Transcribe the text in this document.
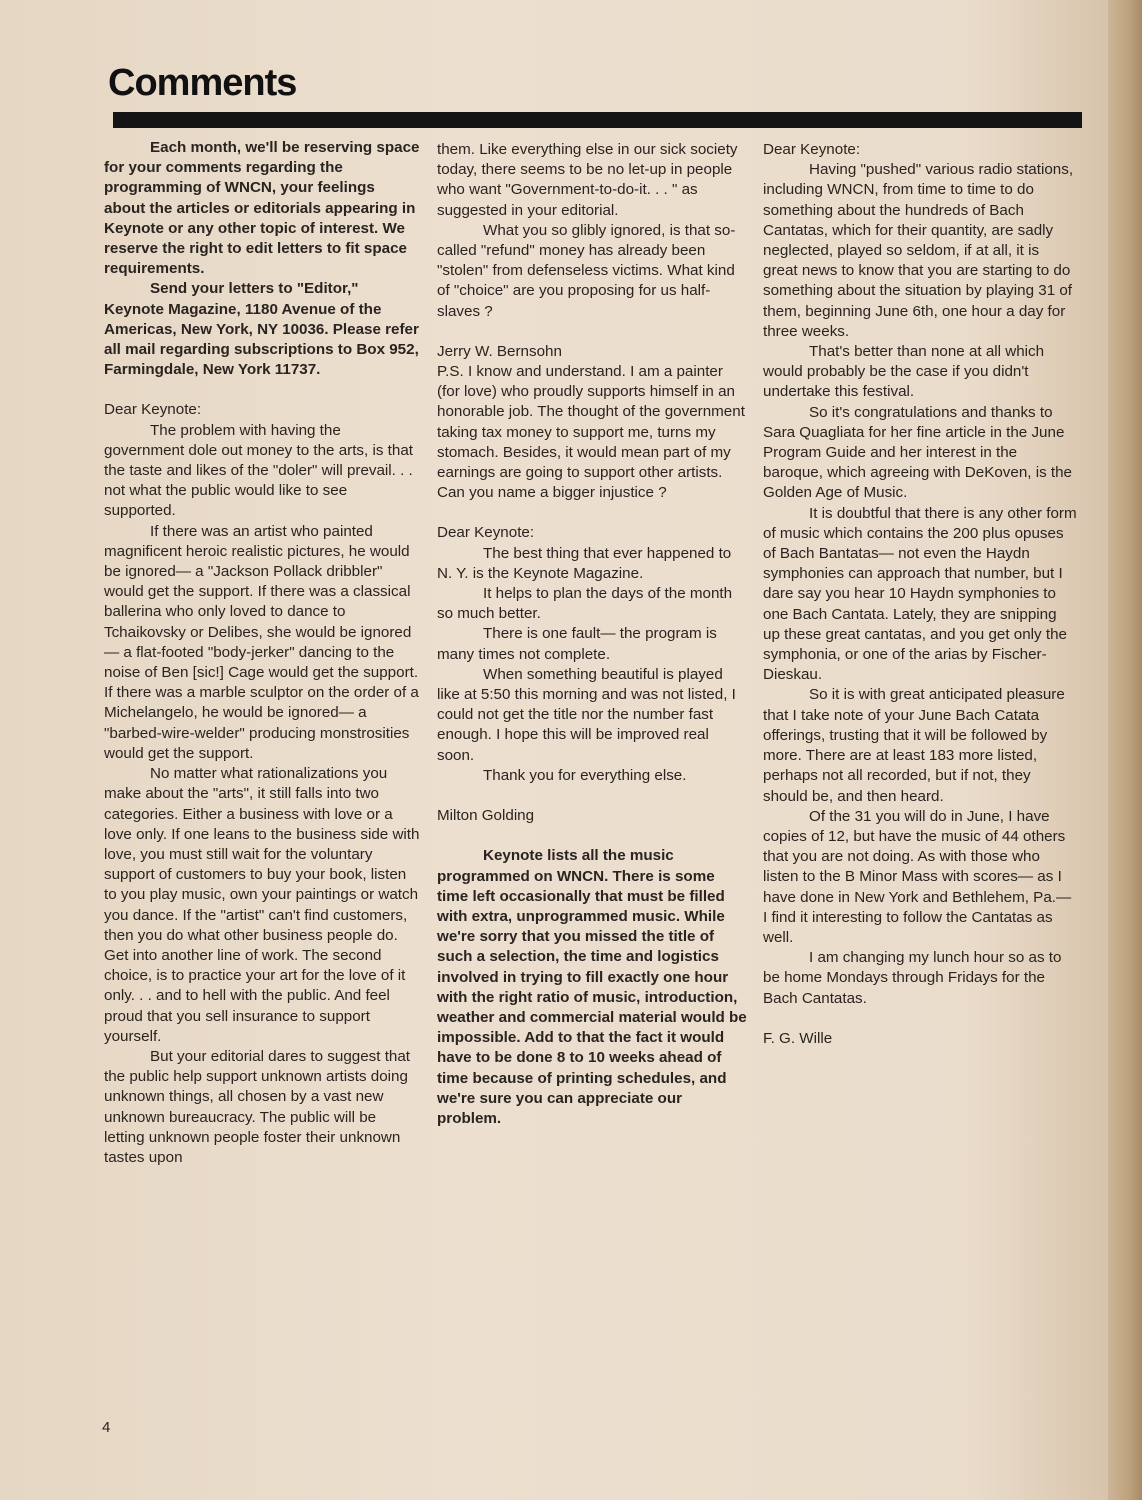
Comments

Each month, we'll be reserving space for your comments regarding the programming of WNCN, your feelings about the articles or editorials appearing in Keynote or any other topic of interest. We reserve the right to edit letters to fit space requirements.

Send your letters to "Editor," Keynote Magazine, 1180 Avenue of the Americas, New York, NY 10036. Please refer all mail regarding subscriptions to Box 952, Farmingdale, New York 11737.

Dear Keynote:

The problem with having the government dole out money to the arts, is that the taste and likes of the "doler" will prevail. . . not what the public would like to see supported.

If there was an artist who painted magnificent heroic realistic pictures, he would be ignored— a "Jackson Pollack dribbler" would get the support. If there was a classical ballerina who only loved to dance to Tchaikovsky or Delibes, she would be ignored— a flat-footed "body-jerker" dancing to the noise of Ben [sic!] Cage would get the support. If there was a marble sculptor on the order of a Michelangelo, he would be ignored— a "barbed-wire-welder" producing monstrosities would get the support.

No matter what rationalizations you make about the "arts", it still falls into two categories. Either a business with love or a love only. If one leans to the business side with love, you must still wait for the voluntary support of customers to buy your book, listen to you play music, own your paintings or watch you dance. If the "artist" can't find customers, then you do what other business people do. Get into another line of work. The second choice, is to practice your art for the love of it only. . . and to hell with the public. And feel proud that you sell insurance to support yourself.

But your editorial dares to suggest that the public help support unknown artists doing unknown things, all chosen by a vast new unknown bureaucracy. The public will be letting unknown people foster their unknown tastes upon

them. Like everything else in our sick society today, there seems to be no let-up in people who want "Government-to-do-it. . . " as suggested in your editorial.

What you so glibly ignored, is that so-called "refund" money has already been "stolen" from defenseless victims. What kind of "choice" are you proposing for us half-slaves ?

Jerry W. Bernsohn

P.S. I know and understand. I am a painter (for love) who proudly supports himself in an honorable job. The thought of the government taking tax money to support me, turns my stomach. Besides, it would mean part of my earnings are going to support other artists. Can you name a bigger injustice ?

Dear Keynote:

The best thing that ever happened to N. Y. is the Keynote Magazine.

It helps to plan the days of the month so much better.

There is one fault— the program is many times not complete.

When something beautiful is played like at 5:50 this morning and was not listed, I could not get the title nor the number fast enough. I hope this will be improved real soon.

Thank you for everything else.

Milton Golding

Keynote lists all the music programmed on WNCN. There is some time left occasionally that must be filled with extra, unprogrammed music. While we're sorry that you missed the title of such a selection, the time and logistics involved in trying to fill exactly one hour with the right ratio of music, introduction, weather and commercial material would be impossible. Add to that the fact it would have to be done 8 to 10 weeks ahead of time because of printing schedules, and we're sure you can appreciate our problem.

Dear Keynote:

Having "pushed" various radio stations, including WNCN, from time to time to do something about the hundreds of Bach Cantatas, which for their quantity, are sadly neglected, played so seldom, if at all, it is great news to know that you are starting to do something about the situation by playing 31 of them, beginning June 6th, one hour a day for three weeks.

That's better than none at all which would probably be the case if you didn't undertake this festival.

So it's congratulations and thanks to Sara Quagliata for her fine article in the June Program Guide and her interest in the baroque, which agreeing with DeKoven, is the Golden Age of Music.

It is doubtful that there is any other form of music which contains the 200 plus opuses of Bach Bantatas— not even the Haydn symphonies can approach that number, but I dare say you hear 10 Haydn symphonies to one Bach Cantata. Lately, they are snipping up these great cantatas, and you get only the symphonia, or one of the arias by Fischer-Dieskau.

So it is with great anticipated pleasure that I take note of your June Bach Catata offerings, trusting that it will be followed by more. There are at least 183 more listed, perhaps not all recorded, but if not, they should be, and then heard.

Of the 31 you will do in June, I have copies of 12, but have the music of 44 others that you are not doing. As with those who listen to the B Minor Mass with scores— as I have done in New York and Bethlehem, Pa.— I find it interesting to follow the Cantatas as well.

I am changing my lunch hour so as to be home Mondays through Fridays for the Bach Cantatas.

F. G. Wille

4
